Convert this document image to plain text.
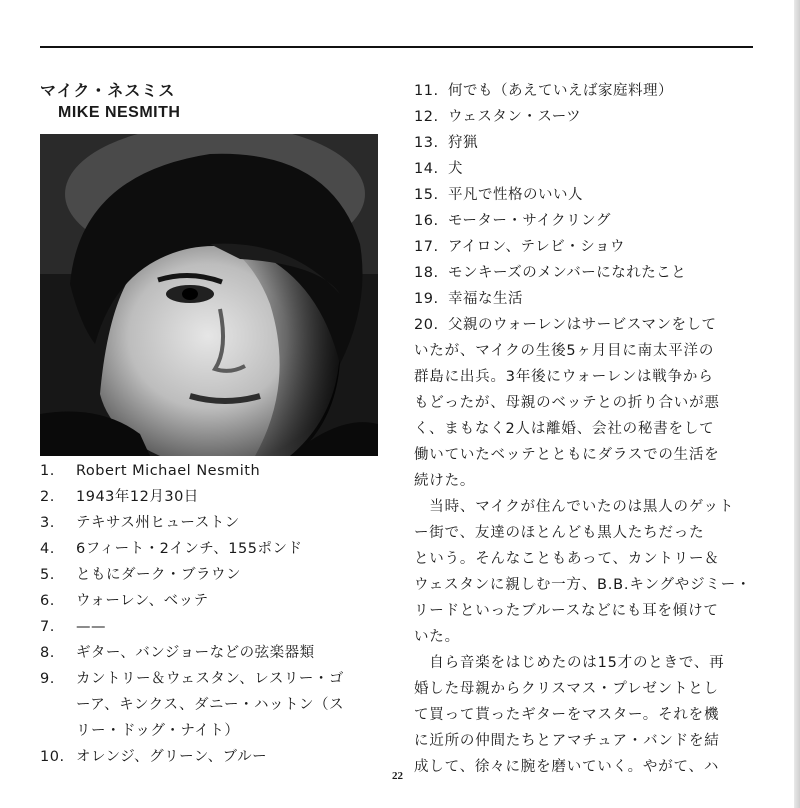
マイク・ネスミス
MIKE NESMITH
1. Robert Michael Nesmith
2. 1943年12月30日
3. テキサス州ヒューストン
4. 6フィート・2インチ、155ポンド
5. ともにダーク・ブラウン
6. ウォーレン、ベッテ
7. ——
8. ギター、バンジョーなどの弦楽器類
9. カントリー＆ウェスタン、レスリー・ゴ
ーア、キンクス、ダニー・ハットン（ス
リー・ドッグ・ナイト）
10. オレンジ、グリーン、ブルー
11. 何でも（あえていえば家庭料理）
12. ウェスタン・スーツ
13. 狩猟
14. 犬
15. 平凡で性格のいい人
16. モーター・サイクリング
17. アイロン、テレビ・ショウ
18. モンキーズのメンバーになれたこと
19. 幸福な生活
20. 父親のウォーレンはサービスマンをして

いたが、マイクの生後5ヶ月目に南太平洋の

群島に出兵。3年後にウォーレンは戦争から

もどったが、母親のベッテとの折り合いが悪

く、まもなく2人は離婚、会社の秘書をして

働いていたベッテとともにダラスでの生活を

続けた。

　当時、マイクが住んでいたのは黒人のゲット

ー街で、友達のほとんども黒人たちだった

という。そんなこともあって、カントリー＆

ウェスタンに親しむ一方、B.B.キングやジミー・

リードといったブルースなどにも耳を傾けて

いた。

　自ら音楽をはじめたのは15才のときで、再

婚した母親からクリスマス・プレゼントとし

て買って貰ったギターをマスター。それを機

に近所の仲間たちとアマチュア・バンドを結

成して、徐々に腕を磨いていく。やがて、ハ

22
